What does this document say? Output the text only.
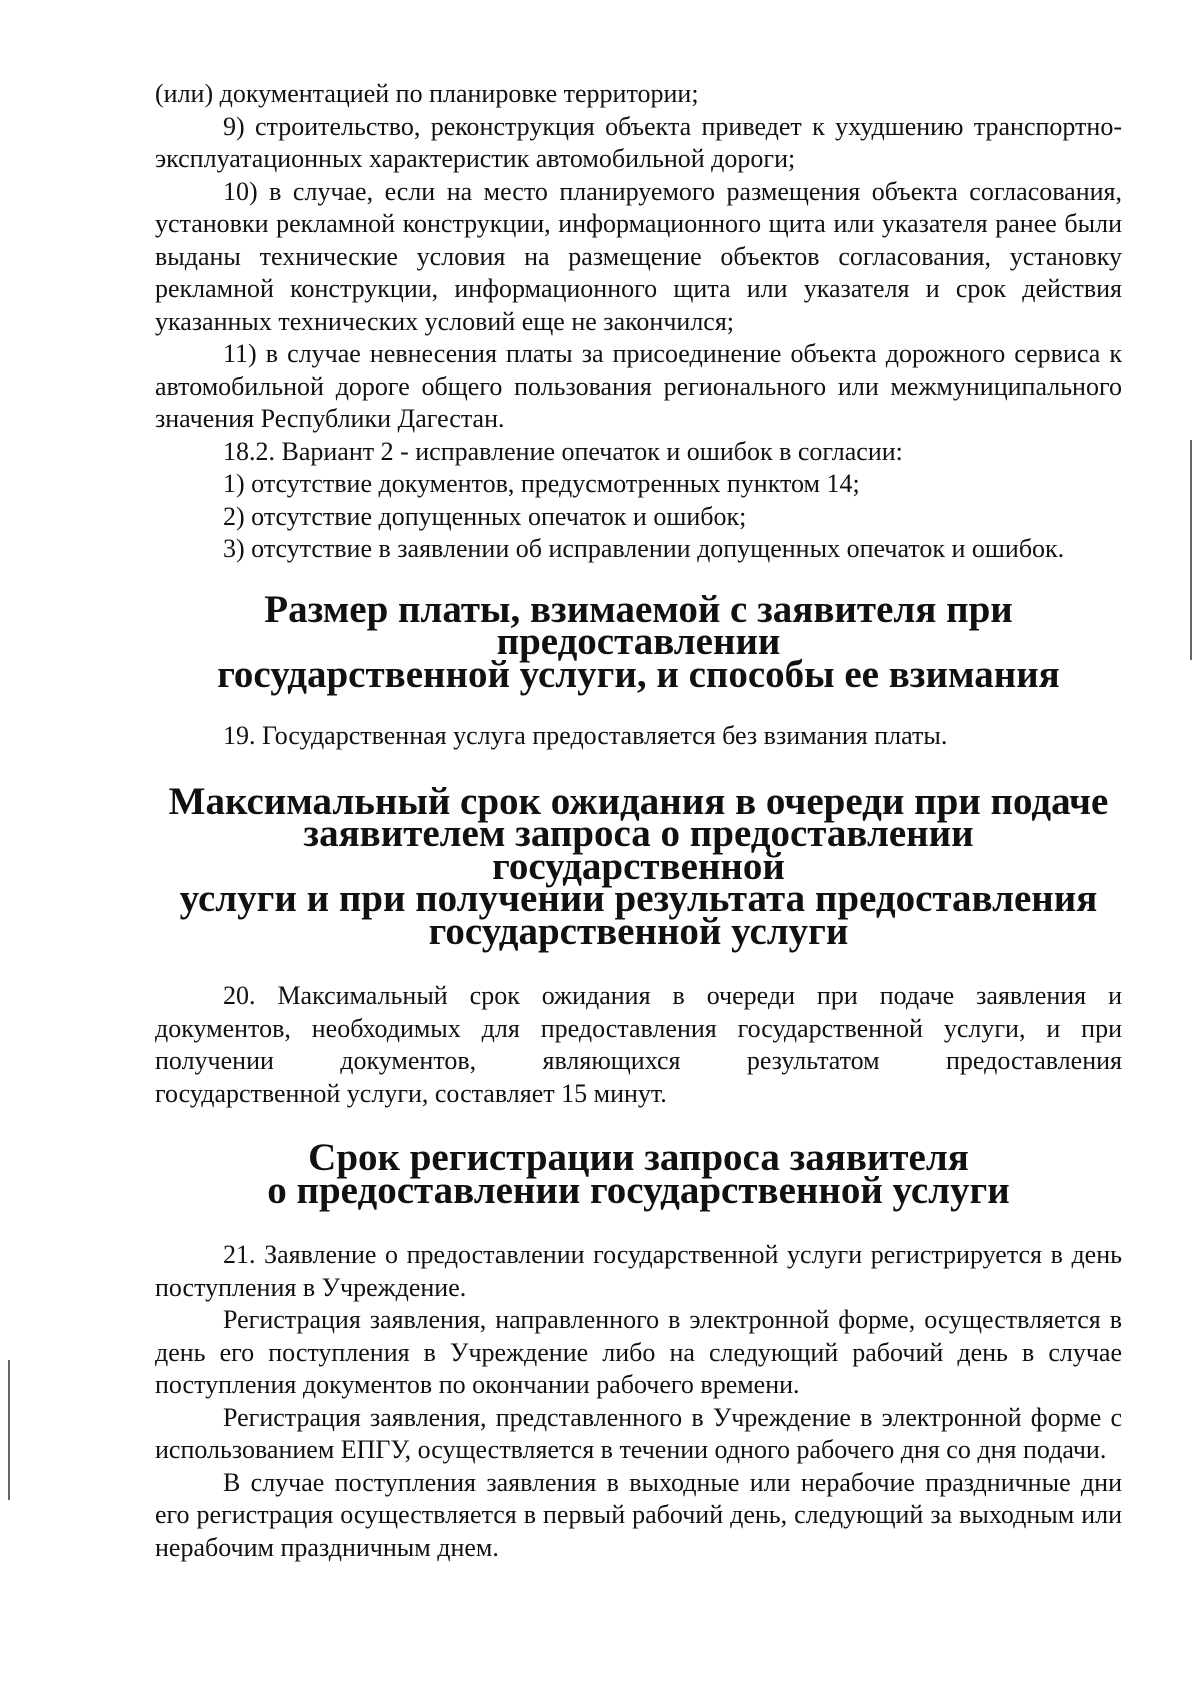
(или) документацией по планировке территории;

9) строительство, реконструкция объекта приведет к ухудшению транспортно-эксплуатационных характеристик автомобильной дороги;

10) в случае, если на место планируемого размещения объекта согласования, установки рекламной конструкции, информационного щита или указателя ранее были выданы технические условия на размещение объектов согласования, установку рекламной конструкции, информационного щита или указателя и срок действия указанных технических условий еще не закончился;

11) в случае невнесения платы за присоединение объекта дорожного сервиса к автомобильной дороге общего пользования регионального или межмуниципального значения Республики Дагестан.

18.2. Вариант 2 - исправление опечаток и ошибок в согласии:

1) отсутствие документов, предусмотренных пунктом 14;

2) отсутствие допущенных опечаток и ошибок;

3) отсутствие в заявлении об исправлении допущенных опечаток и ошибок.

Размер платы, взимаемой с заявителя при предоставлении
государственной услуги, и способы ее взимания

19. Государственная услуга предоставляется без взимания платы.

Максимальный срок ожидания в очереди при подаче
заявителем запроса о предоставлении государственной
услуги и при получении результата предоставления
государственной услуги

20. Максимальный срок ожидания в очереди при подаче заявления и
документов, необходимых для предоставления государственной услуги, и при
получении документов, являющихся результатом предоставления
государственной услуги, составляет 15 минут.

Срок регистрации запроса заявителя
о предоставлении государственной услуги

21. Заявление о предоставлении государственной услуги регистрируется в день поступления в Учреждение.

Регистрация заявления, направленного в электронной форме, осуществляется в день его поступления в Учреждение либо на следующий рабочий день в случае поступления документов по окончании рабочего времени.

Регистрация заявления, представленного в Учреждение в электронной форме с использованием ЕПГУ, осуществляется в течении одного рабочего дня со дня подачи.

В случае поступления заявления в выходные или нерабочие праздничные дни его регистрация осуществляется в первый рабочий день, следующий за выходным или нерабочим праздничным днем.
